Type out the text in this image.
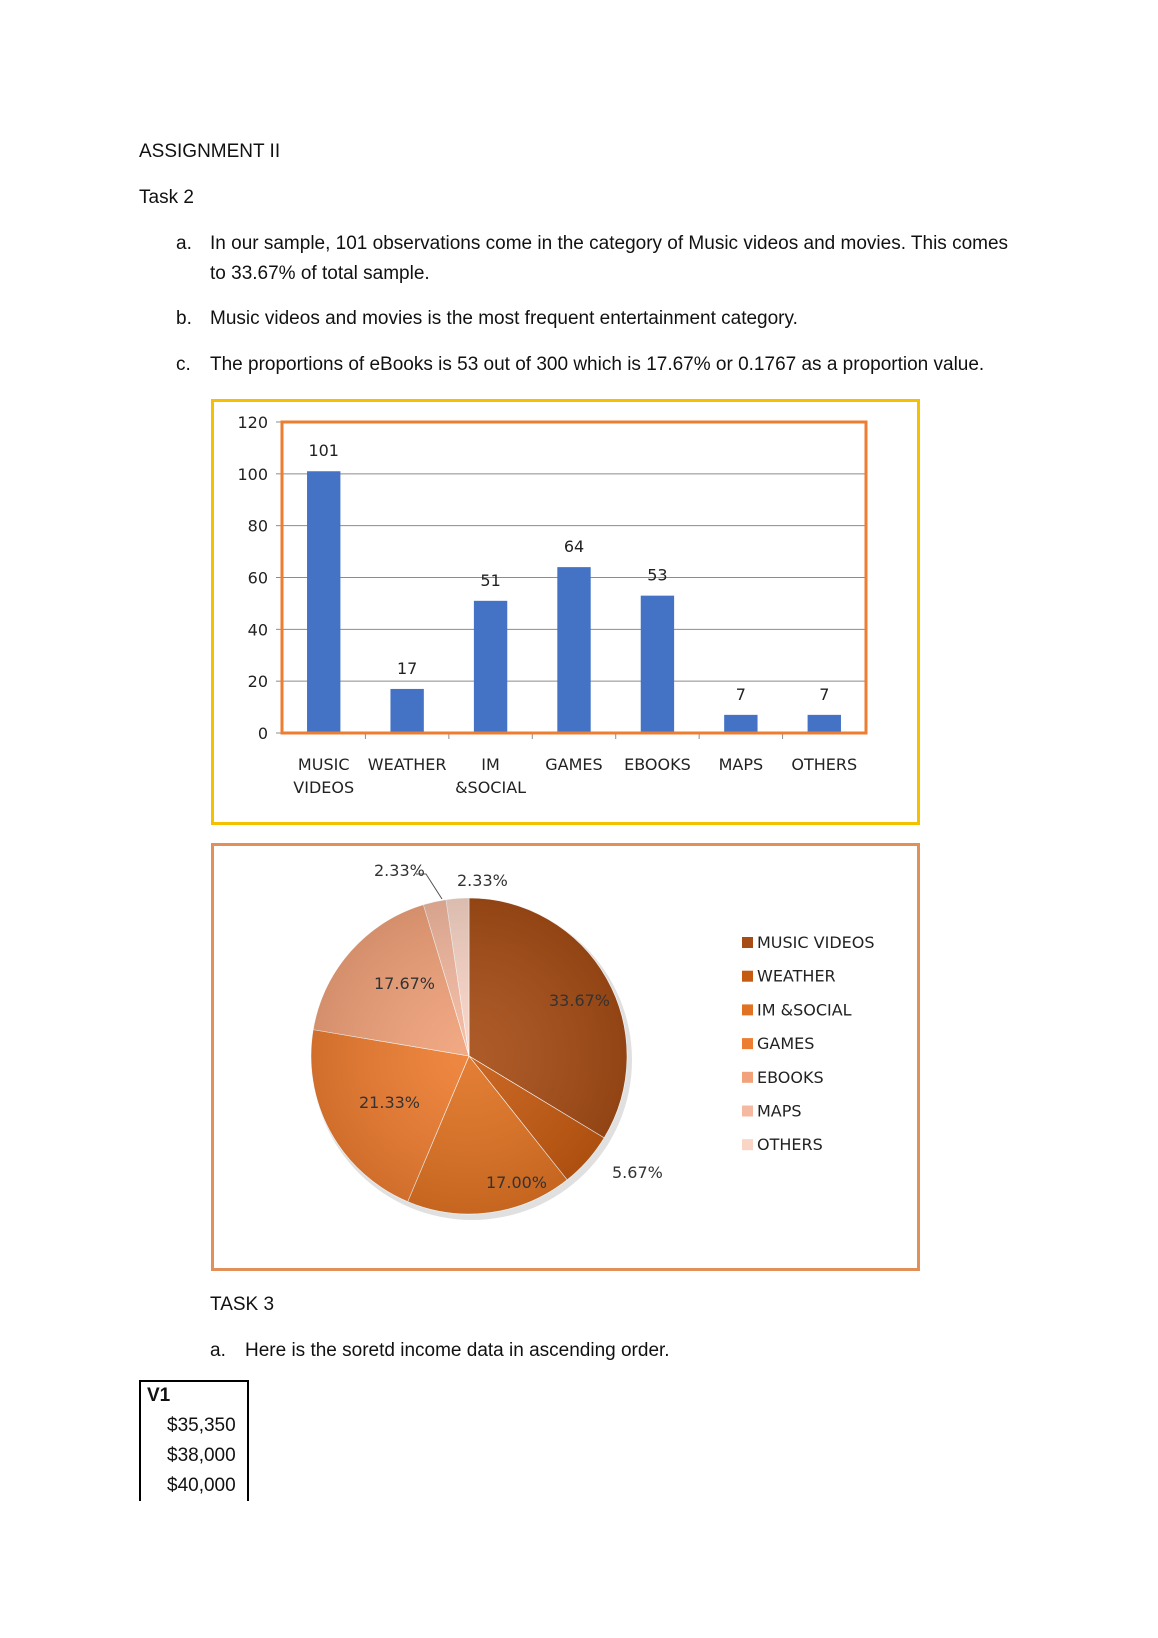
ASSIGNMENT II
Task 2
a. In our sample, 101 observations come in the category of Music videos and movies. This comes to 33.67% of total sample.
b. Music videos and movies is the most frequent entertainment category.
c.	The proportions of eBooks is 53 out of 300 which is 17.67% or 0.1767 as a proportion value.
0
20
40
60
80
100
120
101
MUSIC
VIDEOS
17
WEATHER
51
IM
&SOCIAL
64
GAMES
53
EBOOKS
7
MAPS
7
OTHERS
33.67%
5.67%
17.00%
21.33%
17.67%
2.33%
2.33%
MUSIC VIDEOS
WEATHER
IM &SOCIAL
GAMES
EBOOKS
MAPS
OTHERS
TASK 3
a. Here is the soretd income data in ascending order.
V1
$35,350
$38,000
$40,000
